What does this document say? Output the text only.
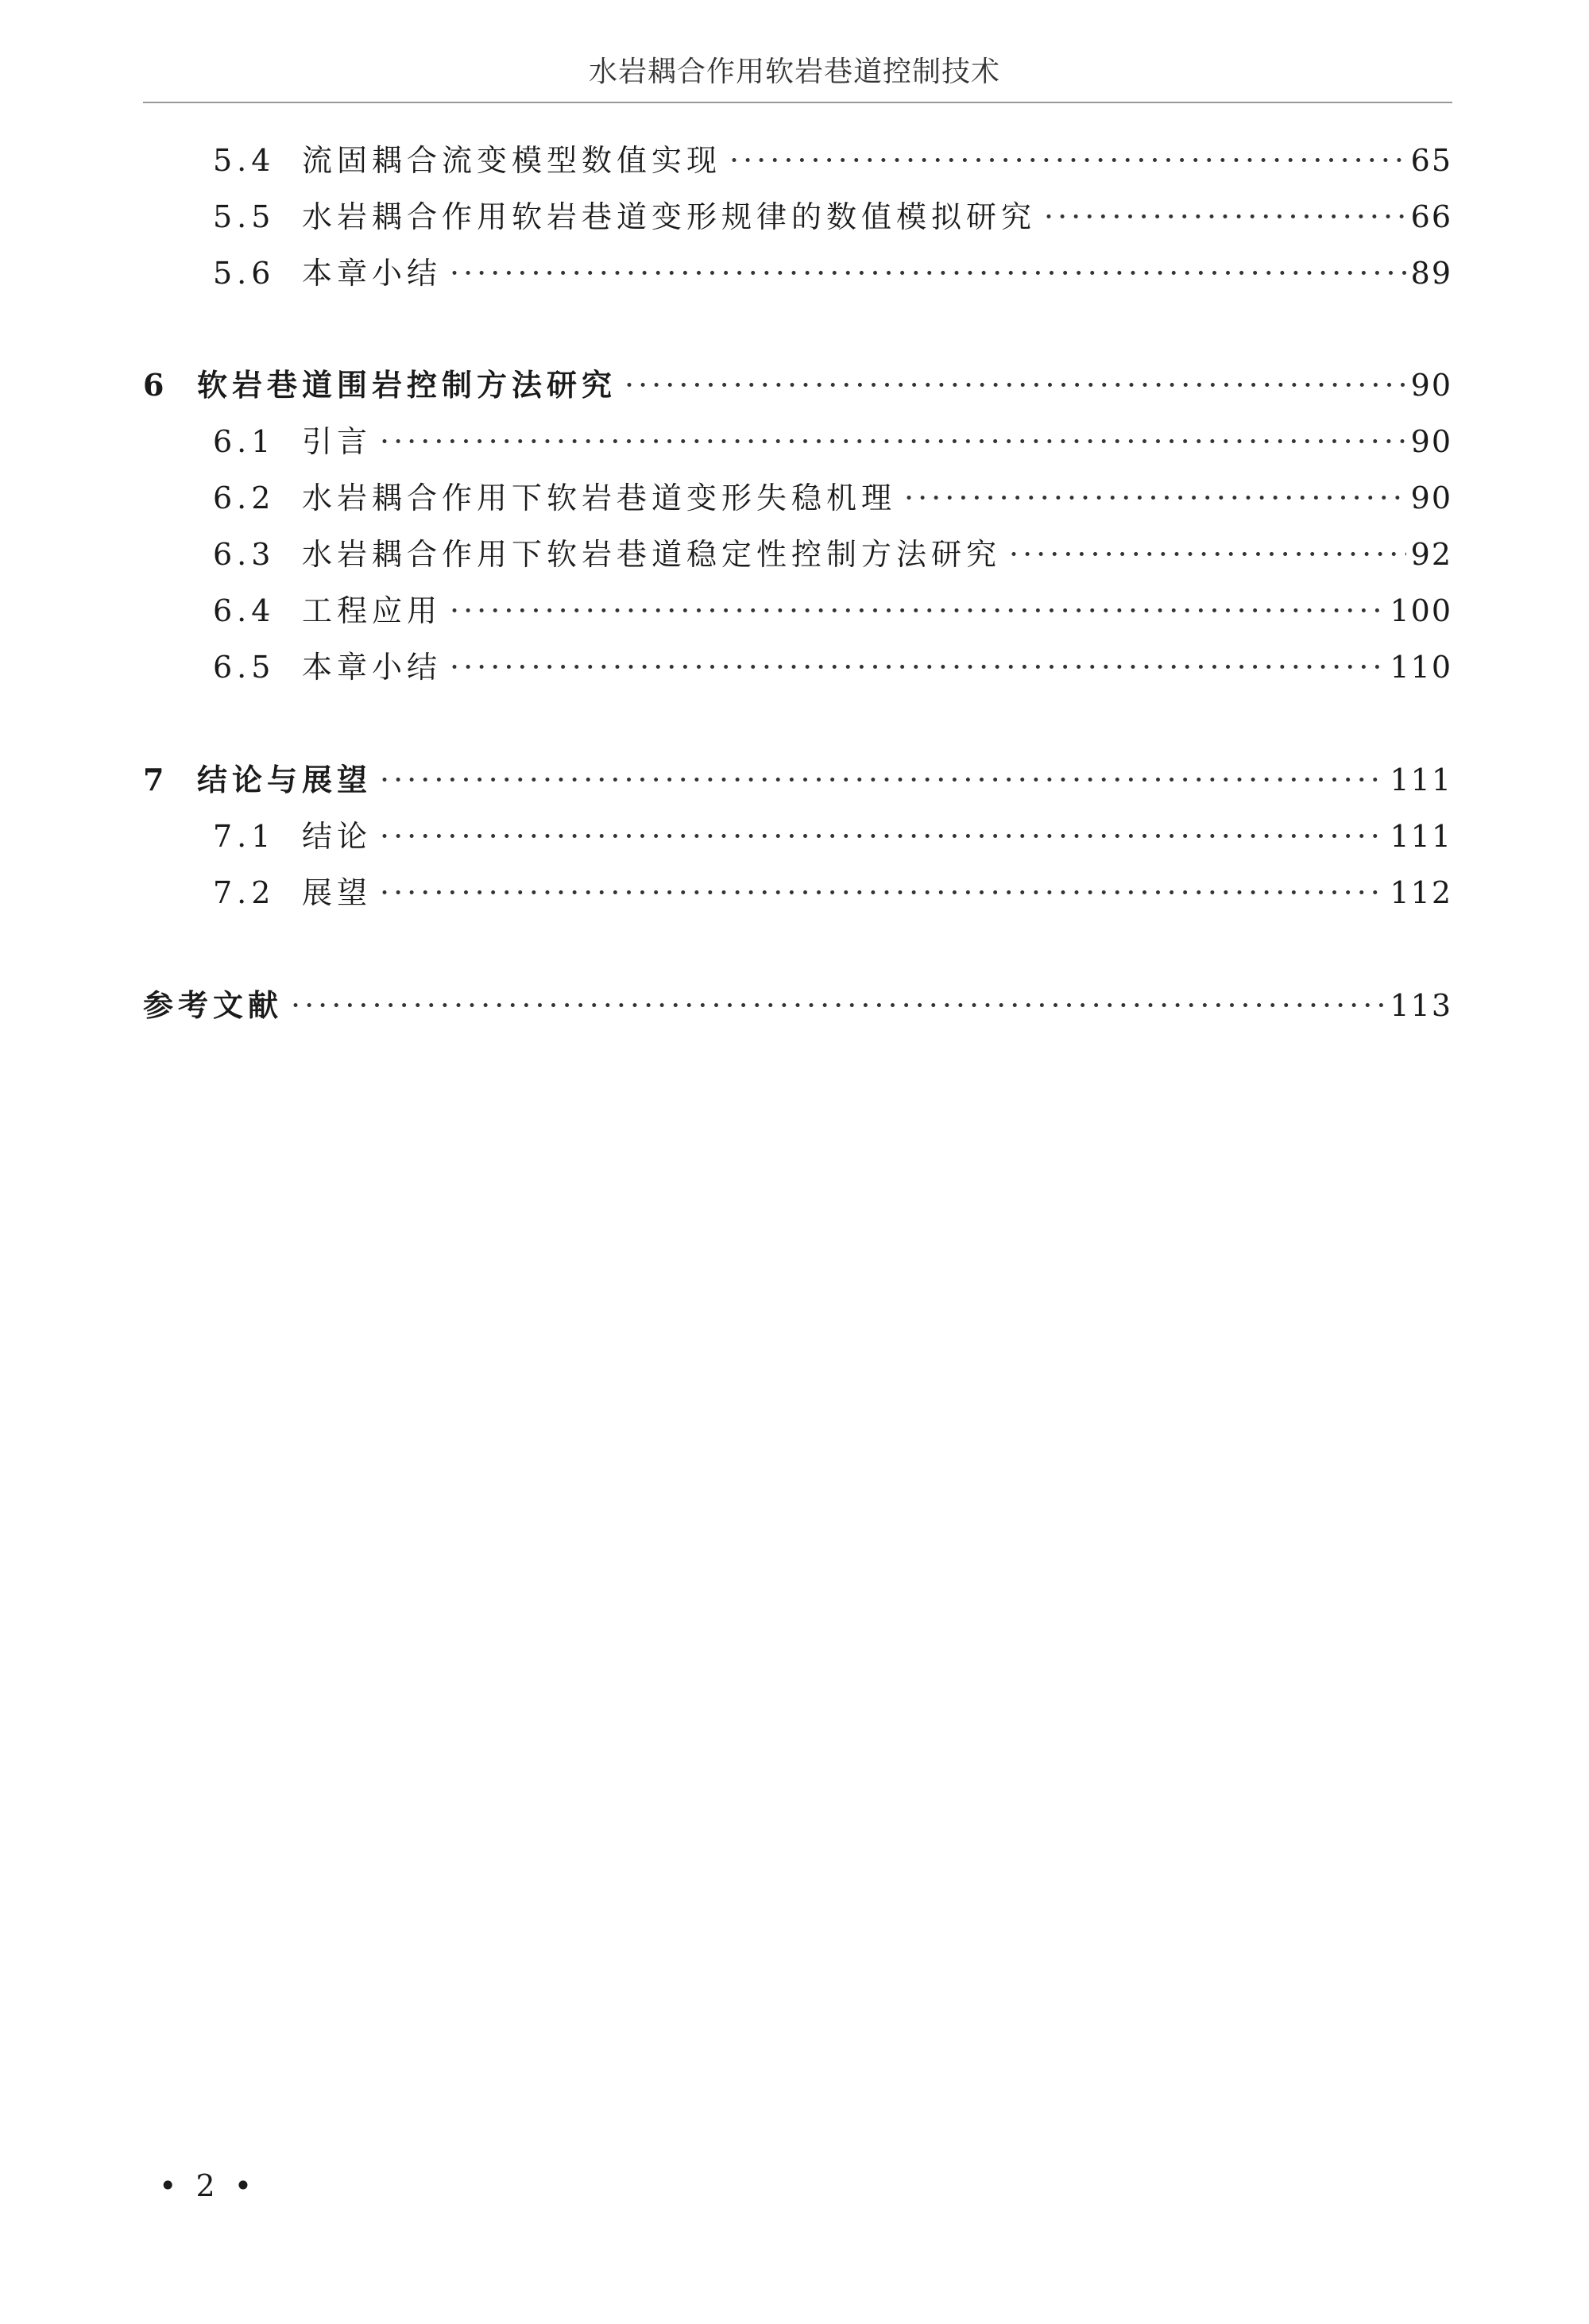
水岩耦合作用软岩巷道控制技术
5.4 流固耦合流变模型数值实现 ·····	65
5.5 水岩耦合作用软岩巷道变形规律的数值模拟研究 ·····	66
5.6 本章小结 ·····	89
6 软岩巷道围岩控制方法研究 ·····	90
6.1 引言 ·····	90
6.2 水岩耦合作用下软岩巷道变形失稳机理 ·····	90
6.3 水岩耦合作用下软岩巷道稳定性控制方法研究 ·····	92
6.4 工程应用 ·····	100
6.5 本章小结 ·····	110
7 结论与展望 ·····	111
7.1 结论 ·····	111
7.2 展望 ·····	112
参考文献 ·····	113
• 2 •
